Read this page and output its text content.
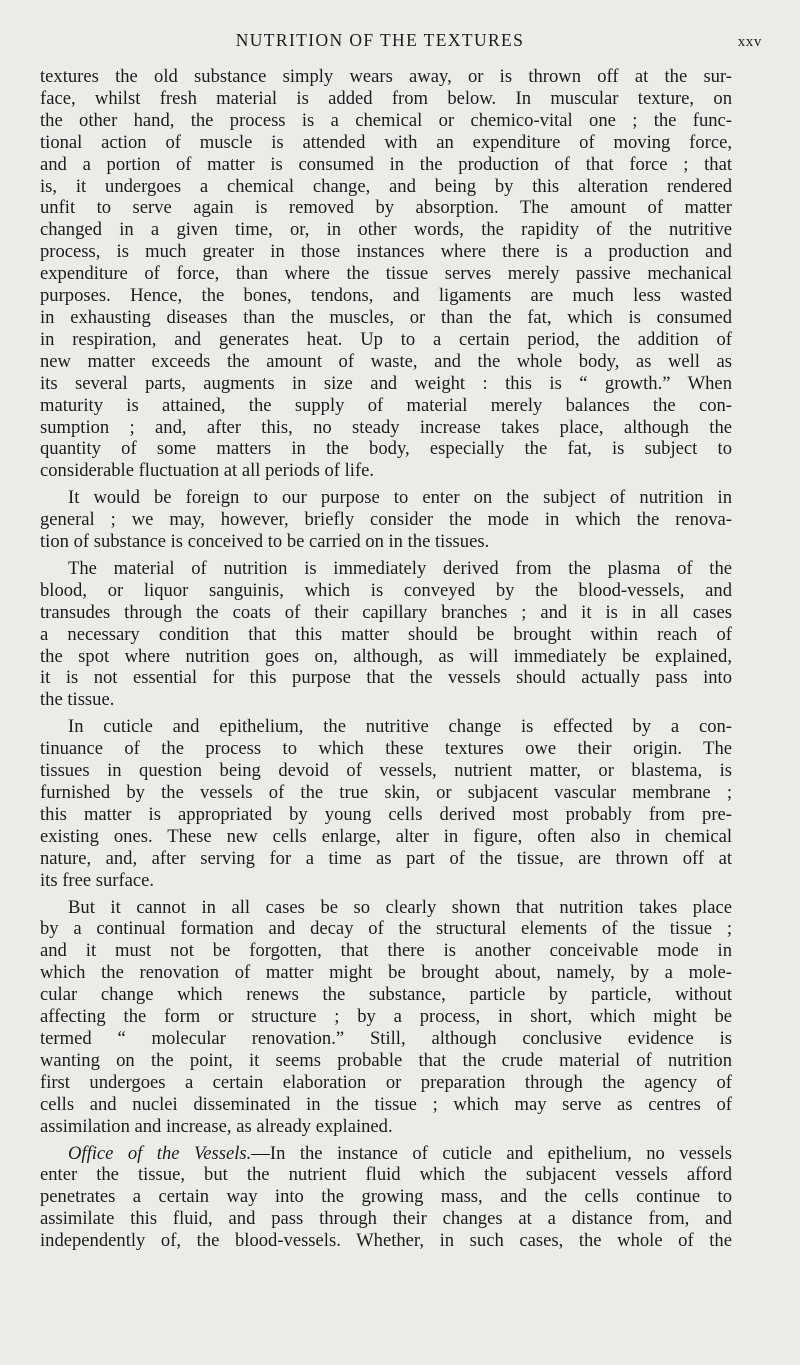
NUTRITION OF THE TEXTURES	xxv
textures the old substance simply wears away, or is thrown off at the sur-
face, whilst fresh material is added from below. In muscular texture, on
the other hand, the process is a chemical or chemico-vital one ; the func-
tional action of muscle is attended with an expenditure of moving force,
and a portion of matter is consumed in the production of that force ; that
is, it undergoes a chemical change, and being by this alteration rendered
unfit to serve again is removed by absorption. The amount of matter
changed in a given time, or, in other words, the rapidity of the nutritive
process, is much greater in those instances where there is a production and
expenditure of force, than where the tissue serves merely passive mechanical
purposes. Hence, the bones, tendons, and ligaments are much less wasted
in exhausting diseases than the muscles, or than the fat, which is consumed
in respiration, and generates heat. Up to a certain period, the addition of
new matter exceeds the amount of waste, and the whole body, as well as
its several parts, augments in size and weight : this is “ growth.” When
maturity is attained, the supply of material merely balances the con-
sumption ; and, after this, no steady increase takes place, although the
quantity of some matters in the body, especially the fat, is subject to
considerable fluctuation at all periods of life.
It would be foreign to our purpose to enter on the subject of nutrition in
general ; we may, however, briefly consider the mode in which the renova-
tion of substance is conceived to be carried on in the tissues.
The material of nutrition is immediately derived from the plasma of the
blood, or liquor sanguinis, which is conveyed by the blood-vessels, and
transudes through the coats of their capillary branches ; and it is in all cases
a necessary condition that this matter should be brought within reach of
the spot where nutrition goes on, although, as will immediately be explained,
it is not essential for this purpose that the vessels should actually pass into
the tissue.
In cuticle and epithelium, the nutritive change is effected by a con-
tinuance of the process to which these textures owe their origin. The
tissues in question being devoid of vessels, nutrient matter, or blastema, is
furnished by the vessels of the true skin, or subjacent vascular membrane ;
this matter is appropriated by young cells derived most probably from pre-
existing ones. These new cells enlarge, alter in figure, often also in chemical
nature, and, after serving for a time as part of the tissue, are thrown off at
its free surface.
But it cannot in all cases be so clearly shown that nutrition takes place
by a continual formation and decay of the structural elements of the tissue ;
and it must not be forgotten, that there is another conceivable mode in
which the renovation of matter might be brought about, namely, by a mole-
cular change which renews the substance, particle by particle, without
affecting the form or structure ; by a process, in short, which might be
termed “ molecular renovation.” Still, although conclusive evidence is
wanting on the point, it seems probable that the crude material of nutrition
first undergoes a certain elaboration or preparation through the agency of
cells and nuclei disseminated in the tissue ; which may serve as centres of
assimilation and increase, as already explained.
Office of the Vessels.—In the instance of cuticle and epithelium, no vessels
enter the tissue, but the nutrient fluid which the subjacent vessels afford
penetrates a certain way into the growing mass, and the cells continue to
assimilate this fluid, and pass through their changes at a distance from, and
independently of, the blood-vessels. Whether, in such cases, the whole of the
